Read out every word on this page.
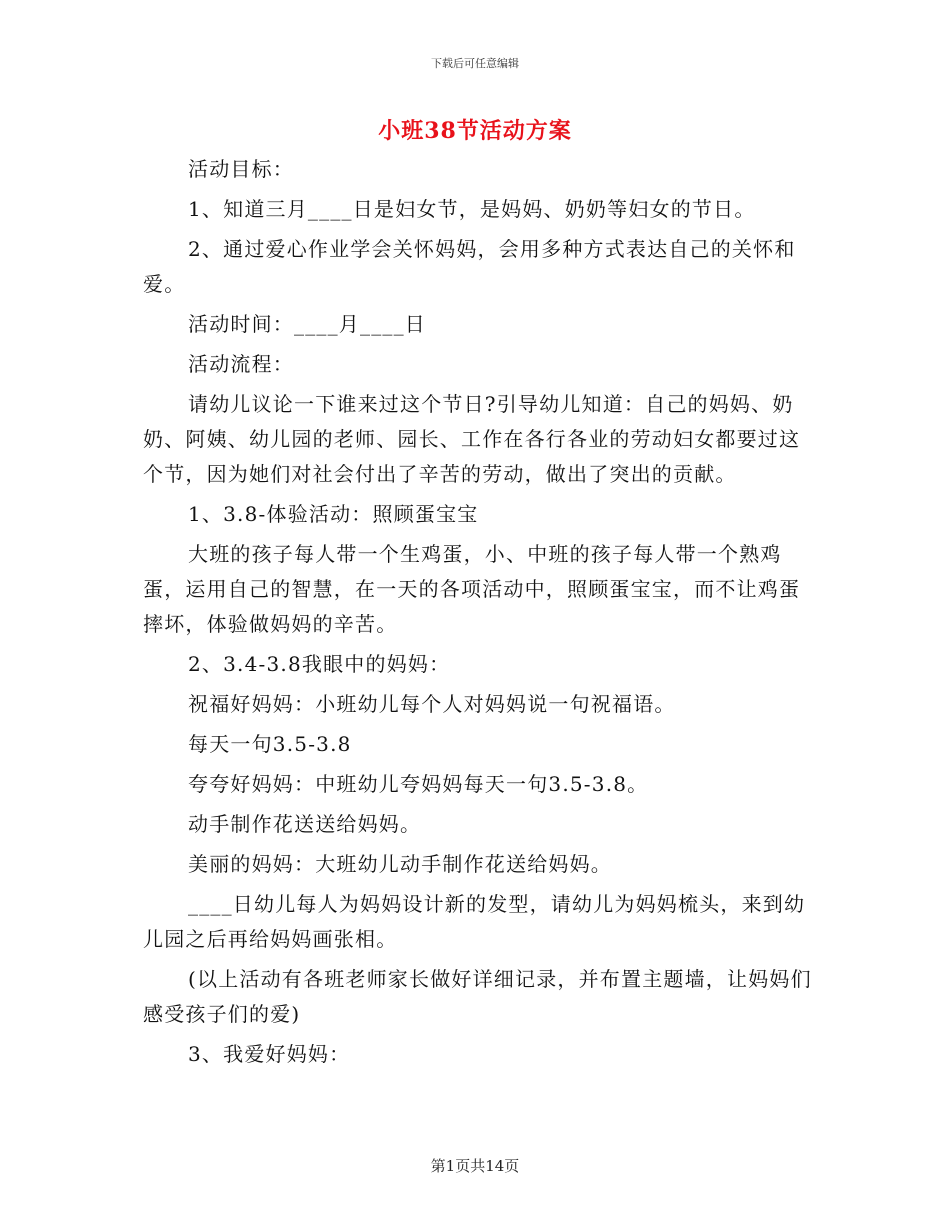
下载后可任意编辑
小班38节活动方案

活动目标：

1、知道三月____日是妇女节，是妈妈、奶奶等妇女的节日。

2、通过爱心作业学会关怀妈妈，会用多种方式表达自己的关怀和爱。

活动时间：____月____日

活动流程：

请幼儿议论一下谁来过这个节日?引导幼儿知道：自己的妈妈、奶奶、阿姨、幼儿园的老师、园长、工作在各行各业的劳动妇女都要过这个节，因为她们对社会付出了辛苦的劳动，做出了突出的贡献。

1、3.8-体验活动：照顾蛋宝宝

大班的孩子每人带一个生鸡蛋，小、中班的孩子每人带一个熟鸡蛋，运用自己的智慧，在一天的各项活动中，照顾蛋宝宝，而不让鸡蛋摔坏，体验做妈妈的辛苦。

2、3.4-3.8我眼中的妈妈：

祝福好妈妈：小班幼儿每个人对妈妈说一句祝福语。

每天一句3.5-3.8

夸夸好妈妈：中班幼儿夸妈妈每天一句3.5-3.8。

动手制作花送送给妈妈。

美丽的妈妈：大班幼儿动手制作花送给妈妈。

____日幼儿每人为妈妈设计新的发型，请幼儿为妈妈梳头，来到幼儿园之后再给妈妈画张相。

(以上活动有各班老师家长做好详细记录，并布置主题墙，让妈妈们感受孩子们的爱)

3、我爱好妈妈：

第1页共14页
